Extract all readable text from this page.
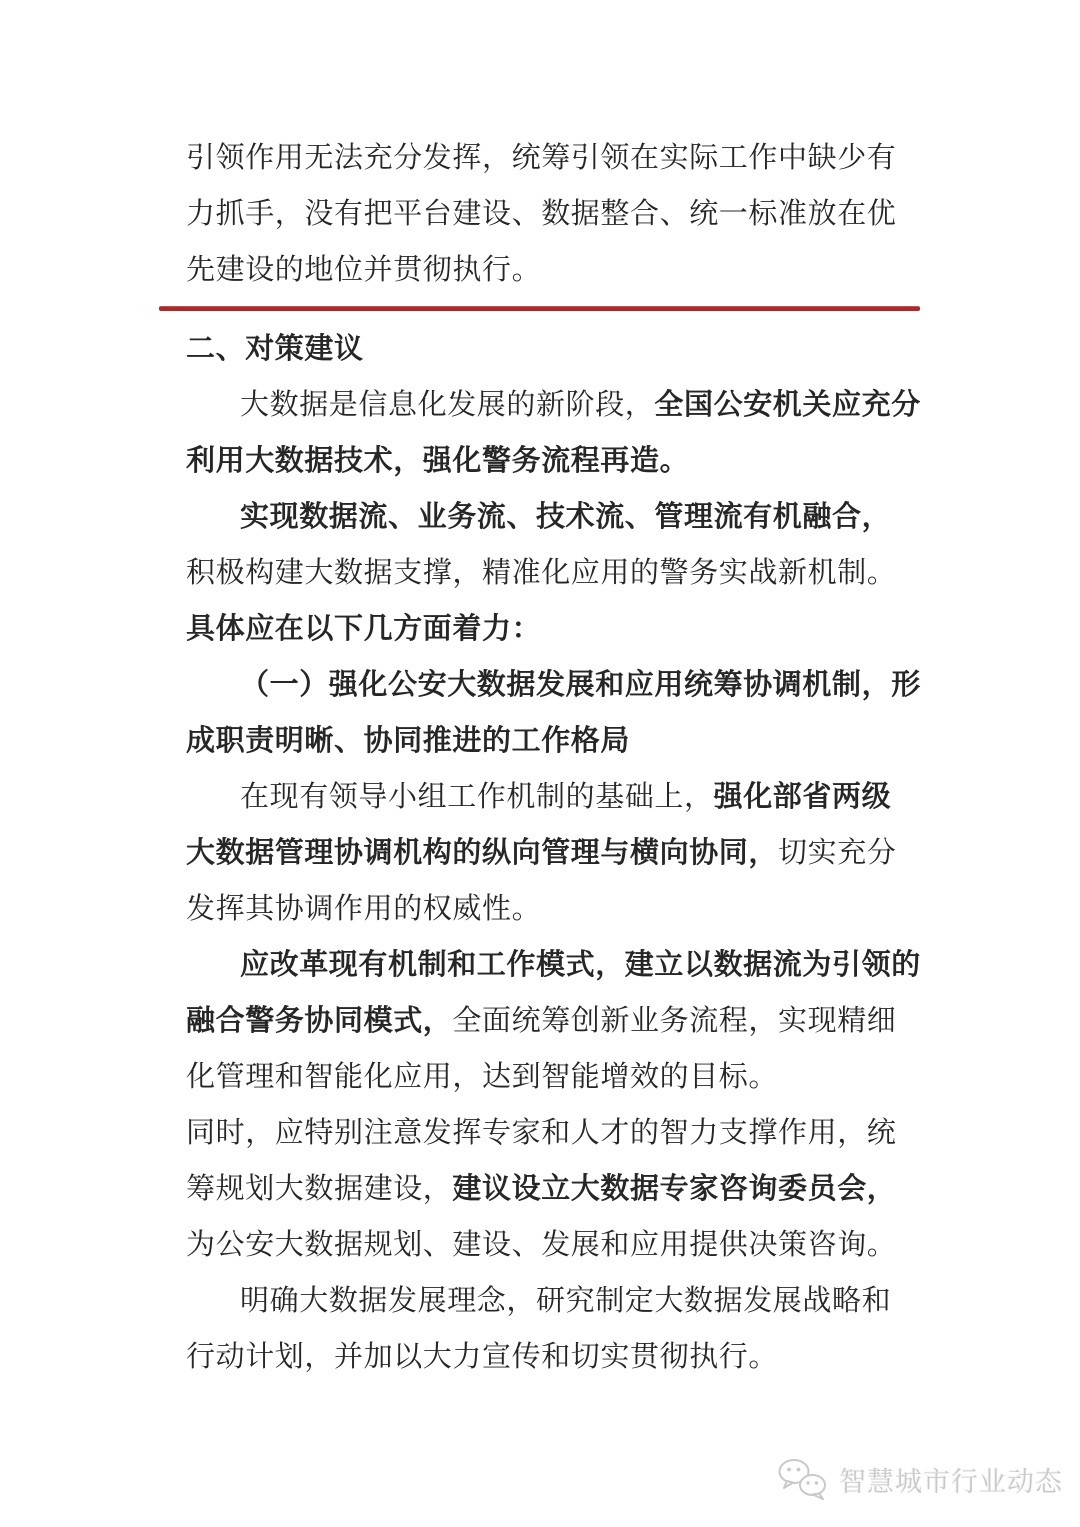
引领作用无法充分发挥，统筹引领在实际工作中缺少有
力抓手，没有把平台建设、数据整合、统一标准放在优
先建设的地位并贯彻执行。
二、对策建议
大数据是信息化发展的新阶段，全国公安机关应充分
利用大数据技术，强化警务流程再造。
实现数据流、业务流、技术流、管理流有机融合，
积极构建大数据支撑，精准化应用的警务实战新机制。
具体应在以下几方面着力：
（一）强化公安大数据发展和应用统筹协调机制，形
成职责明晰、协同推进的工作格局
在现有领导小组工作机制的基础上，强化部省两级
大数据管理协调机构的纵向管理与横向协同，切实充分
发挥其协调作用的权威性。
应改革现有机制和工作模式，建立以数据流为引领的
融合警务协同模式，全面统筹创新业务流程，实现精细
化管理和智能化应用，达到智能增效的目标。
同时，应特别注意发挥专家和人才的智力支撑作用，统
筹规划大数据建设，建议设立大数据专家咨询委员会，
为公安大数据规划、建设、发展和应用提供决策咨询。
明确大数据发展理念，研究制定大数据发展战略和
行动计划，并加以大力宣传和切实贯彻执行。
智慧城市行业动态
